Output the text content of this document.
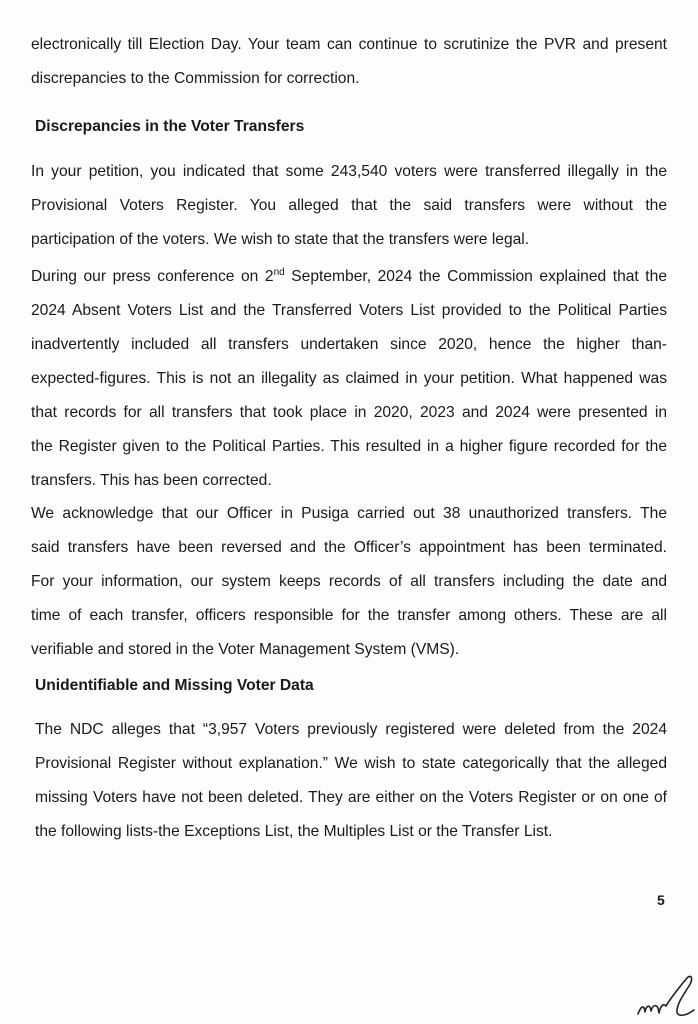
electronically till Election Day. Your team can continue to scrutinize the PVR and present
discrepancies to the Commission for correction.
Discrepancies in the Voter Transfers
In your petition, you indicated that some 243,540 voters were transferred illegally in the
Provisional Voters Register. You alleged that the said transfers were without the
participation of the voters. We wish to state that the transfers were legal.
During our press conference on 2nd September, 2024 the Commission explained that the
2024 Absent Voters List and the Transferred Voters List provided to the Political Parties
inadvertently included all transfers undertaken since 2020, hence the higher than-
expected-figures. This is not an illegality as claimed in your petition. What happened was
that records for all transfers that took place in 2020, 2023 and 2024 were presented in
the Register given to the Political Parties. This resulted in a higher figure recorded for the
transfers. This has been corrected.
We acknowledge that our Officer in Pusiga carried out 38 unauthorized transfers. The
said transfers have been reversed and the Officer’s appointment has been terminated.
For your information, our system keeps records of all transfers including the date and
time of each transfer, officers responsible for the transfer among others. These are all
verifiable and stored in the Voter Management System (VMS).
Unidentifiable and Missing Voter Data
The NDC alleges that “3,957 Voters previously registered were deleted from the 2024
Provisional Register without explanation.” We wish to state categorically that the alleged
missing Voters have not been deleted. They are either on the Voters Register or on one of
the following lists-the Exceptions List, the Multiples List or the Transfer List.
5
